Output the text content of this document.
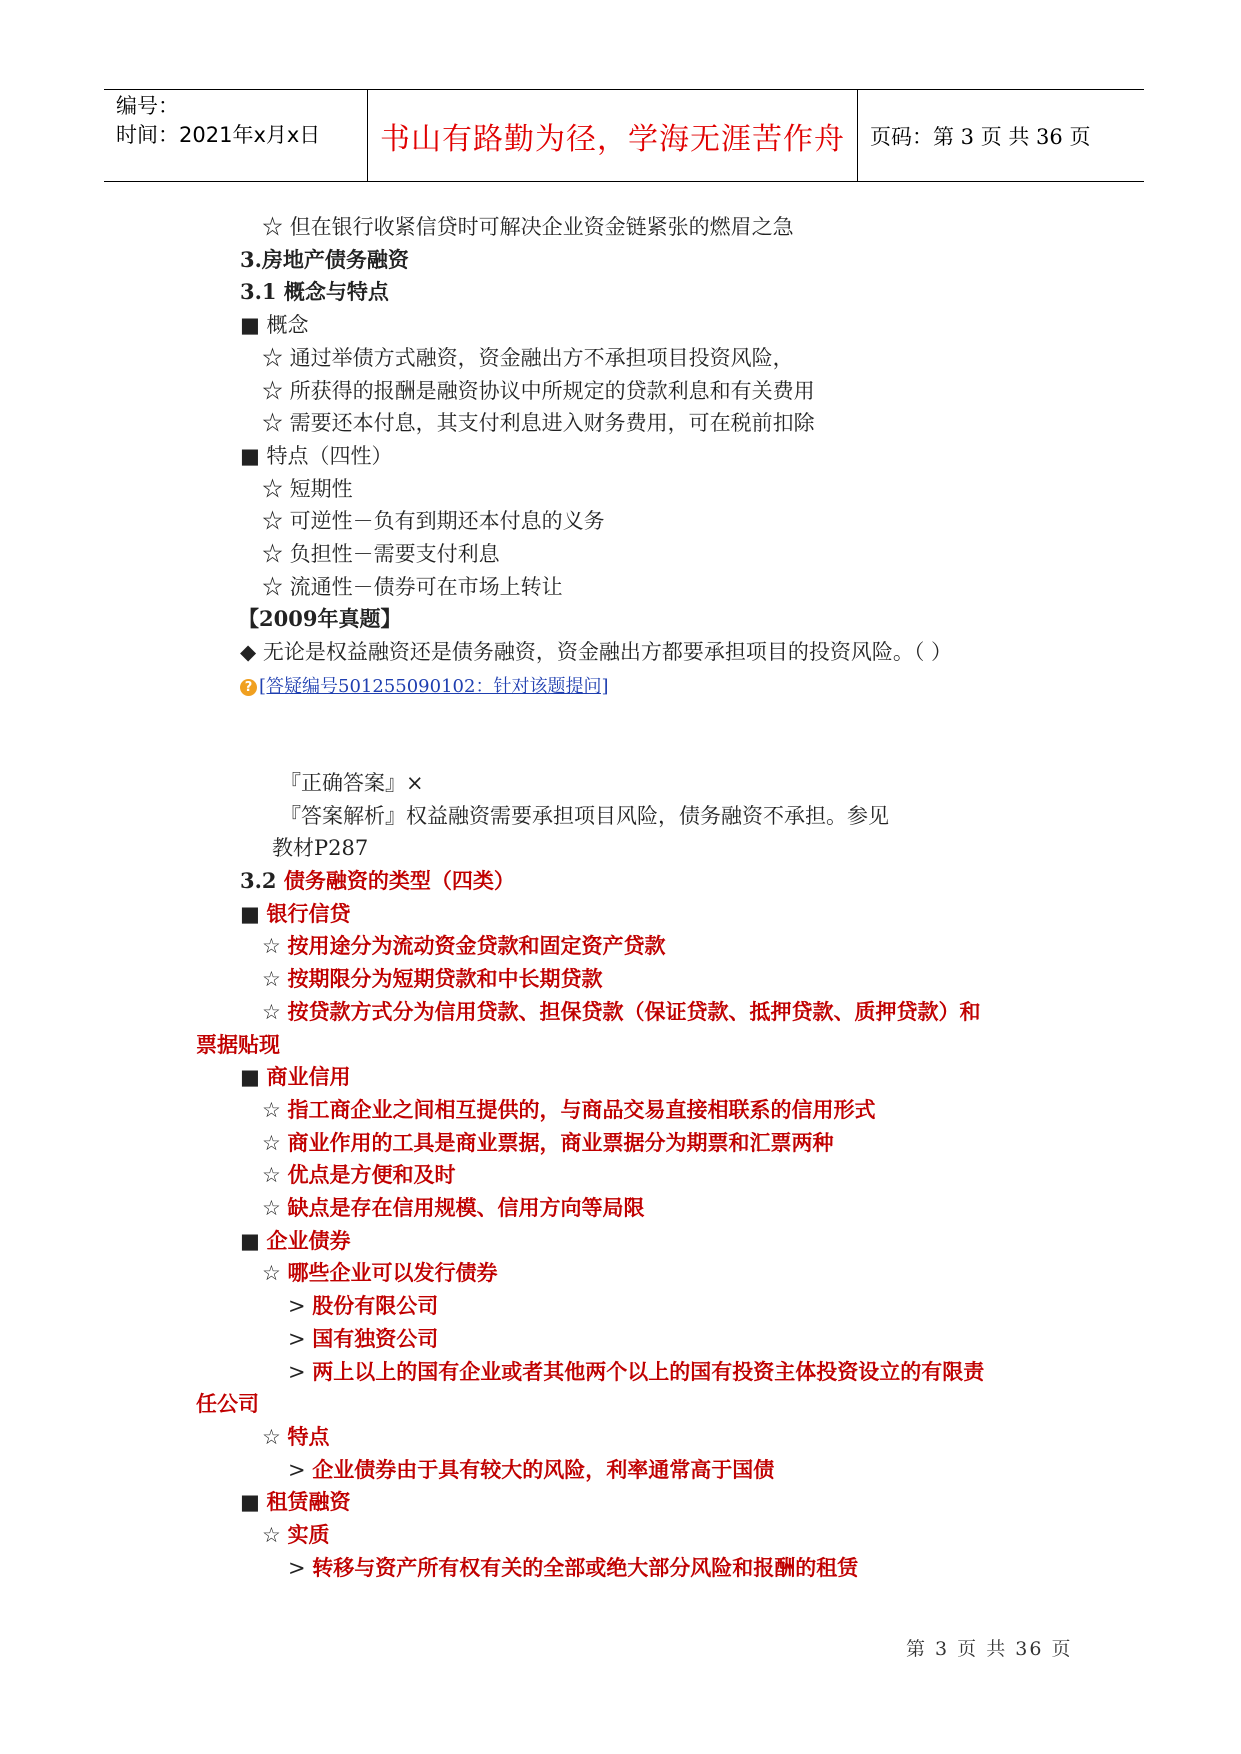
编号：
时间：2021年x月x日	书山有路勤为径，学海无涯苦作舟	页码：第 3 页 共 36 页
☆ 但在银行收紧信贷时可解决企业资金链紧张的燃眉之急
3.房地产债务融资
3.1 概念与特点
■ 概念
☆ 通过举债方式融资，资金融出方不承担项目投资风险，
☆ 所获得的报酬是融资协议中所规定的贷款利息和有关费用
☆ 需要还本付息，其支付利息进入财务费用，可在税前扣除
■ 特点（四性）
☆ 短期性
☆ 可逆性－负有到期还本付息的义务
☆ 负担性－需要支付利息
☆ 流通性－债券可在市场上转让
【2009年真题】
◆ 无论是权益融资还是债务融资，资金融出方都要承担项目的投资风险。（ ）
? [答疑编号501255090102：针对该题提问]
『正确答案』×
『答案解析』权益融资需要承担项目风险，债务融资不承担。参见
教材P287
3.2 债务融资的类型（四类）
■ 银行信贷
☆ 按用途分为流动资金贷款和固定资产贷款
☆ 按期限分为短期贷款和中长期贷款
☆ 按贷款方式分为信用贷款、担保贷款（保证贷款、抵押贷款、质押贷款）和
票据贴现
■ 商业信用
☆ 指工商企业之间相互提供的，与商品交易直接相联系的信用形式
☆ 商业作用的工具是商业票据，商业票据分为期票和汇票两种
☆ 优点是方便和及时
☆ 缺点是存在信用规模、信用方向等局限
■ 企业债券
☆ 哪些企业可以发行债券
> 股份有限公司
> 国有独资公司
> 两上以上的国有企业或者其他两个以上的国有投资主体投资设立的有限责
任公司
☆ 特点
> 企业债券由于具有较大的风险，利率通常高于国债
■ 租赁融资
☆ 实质
> 转移与资产所有权有关的全部或绝大部分风险和报酬的租赁
第 3 页 共 36 页
